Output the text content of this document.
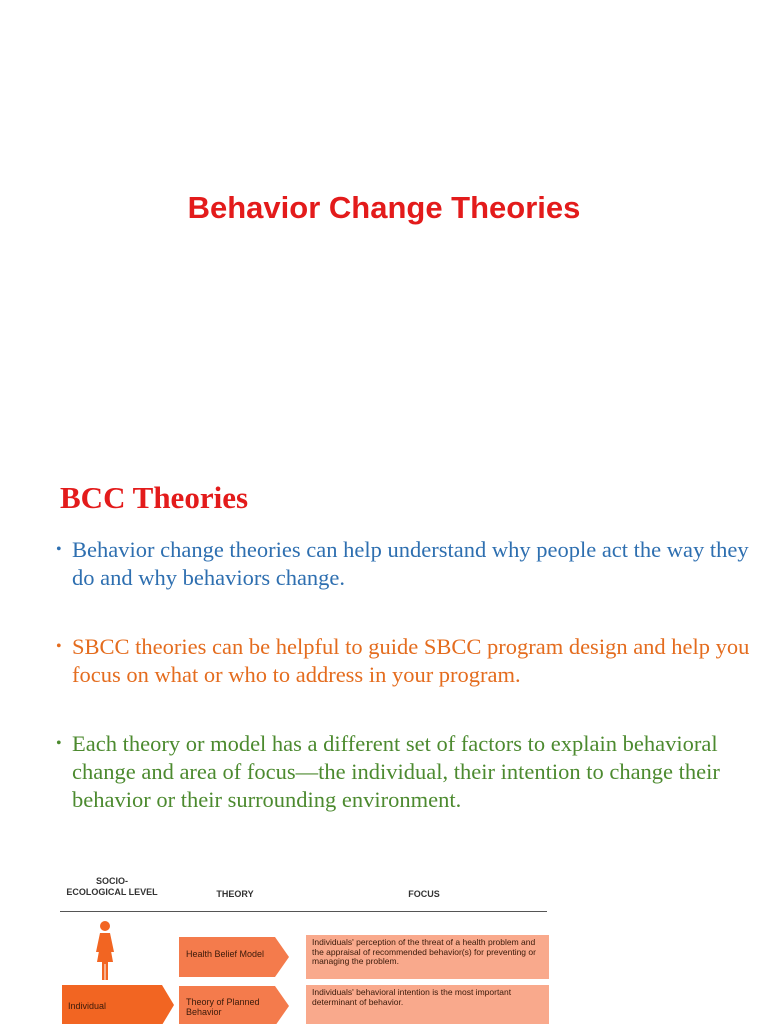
Behavior Change Theories
BCC Theories
• Behavior change theories can help understand why people act the way they do and why behaviors change.
• SBCC theories can be helpful to guide SBCC program design and help you focus on what or who to address in your program.
• Each theory or model has a different set of factors to explain behavioral change and area of focus—the individual, their intention to change their behavior or their surrounding environment.
SOCIO-
ECOLOGICAL LEVEL	THEORY	FOCUS
Individual
Health Belief Model
Theory of Planned Behavior
Individuals' perception of the threat of a health problem and the appraisal of recommended behavior(s) for preventing or managing the problem.
Individuals' behavioral intention is the most important determinant of behavior.
